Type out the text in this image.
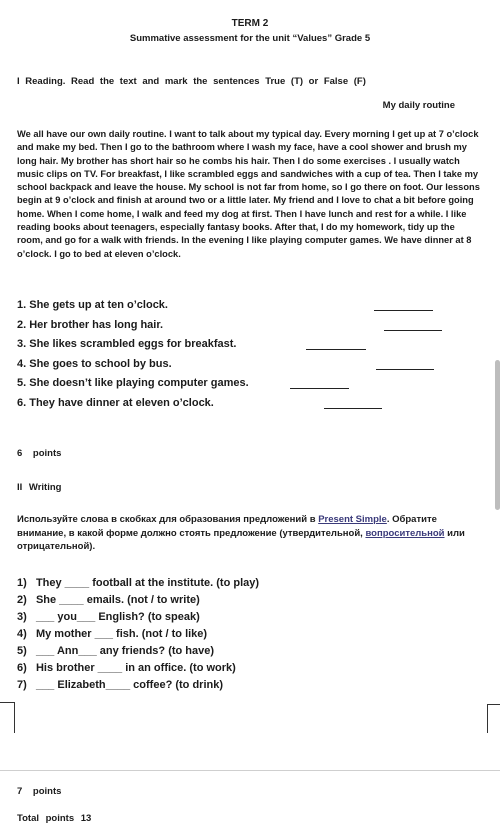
TERM 2
Summative assessment for the unit “Values” Grade 5
I Reading. Read the text and mark the sentences True (T) or False (F)
My daily routine

We all have our own daily routine. I want to talk about my typical day. Every morning I get up at 7 o’clock and make my bed. Then I go to the bathroom where I wash my face, have a cool shower and brush my long hair. My brother has short hair so he combs his hair. Then I do some exercises . I usually watch music clips on TV. For breakfast, I like scrambled eggs and sandwiches with a cup of tea. Then I take my school backpack and leave the house. My school is not far from home, so I go there on foot. Our lessons begin at 9 o’clock and finish at around two or a little later. My friend and I love to chat a bit before going home. When I come home, I walk and feed my dog at first. Then I have lunch and rest for a while. I like reading books about teenagers, especially fantasy books. After that, I do my homework, tidy up the room, and go for a walk with friends. In the evening I like playing computer games. We have dinner at 8 o’clock. I go to bed at eleven o’clock.

1. She gets up at ten o’clock.
2. Her brother has long hair.
3. She likes scrambled eggs for breakfast.
4. She goes to school by bus.
5. She doesn’t like playing computer games.
6. They have dinner at eleven o’clock.
6 points
II Writing

Используйте слова в скобках для образования предложений в Present Simple. Обратите внимание, в какой форме должно стоять предложение (утвердительной, вопросительной или отрицательной).

1)   They ____ football at the institute. (to play)
2)   She ____ emails. (not / to write)
3)   ___ you___ English? (to speak)
4)   My mother ___ fish. (not / to like)
5)   ___ Ann___ any friends? (to have)
6)   His brother ____ in an office. (to work)
7)   ___ Elizabeth____ coffee? (to drink)
7 points
Total points 13
